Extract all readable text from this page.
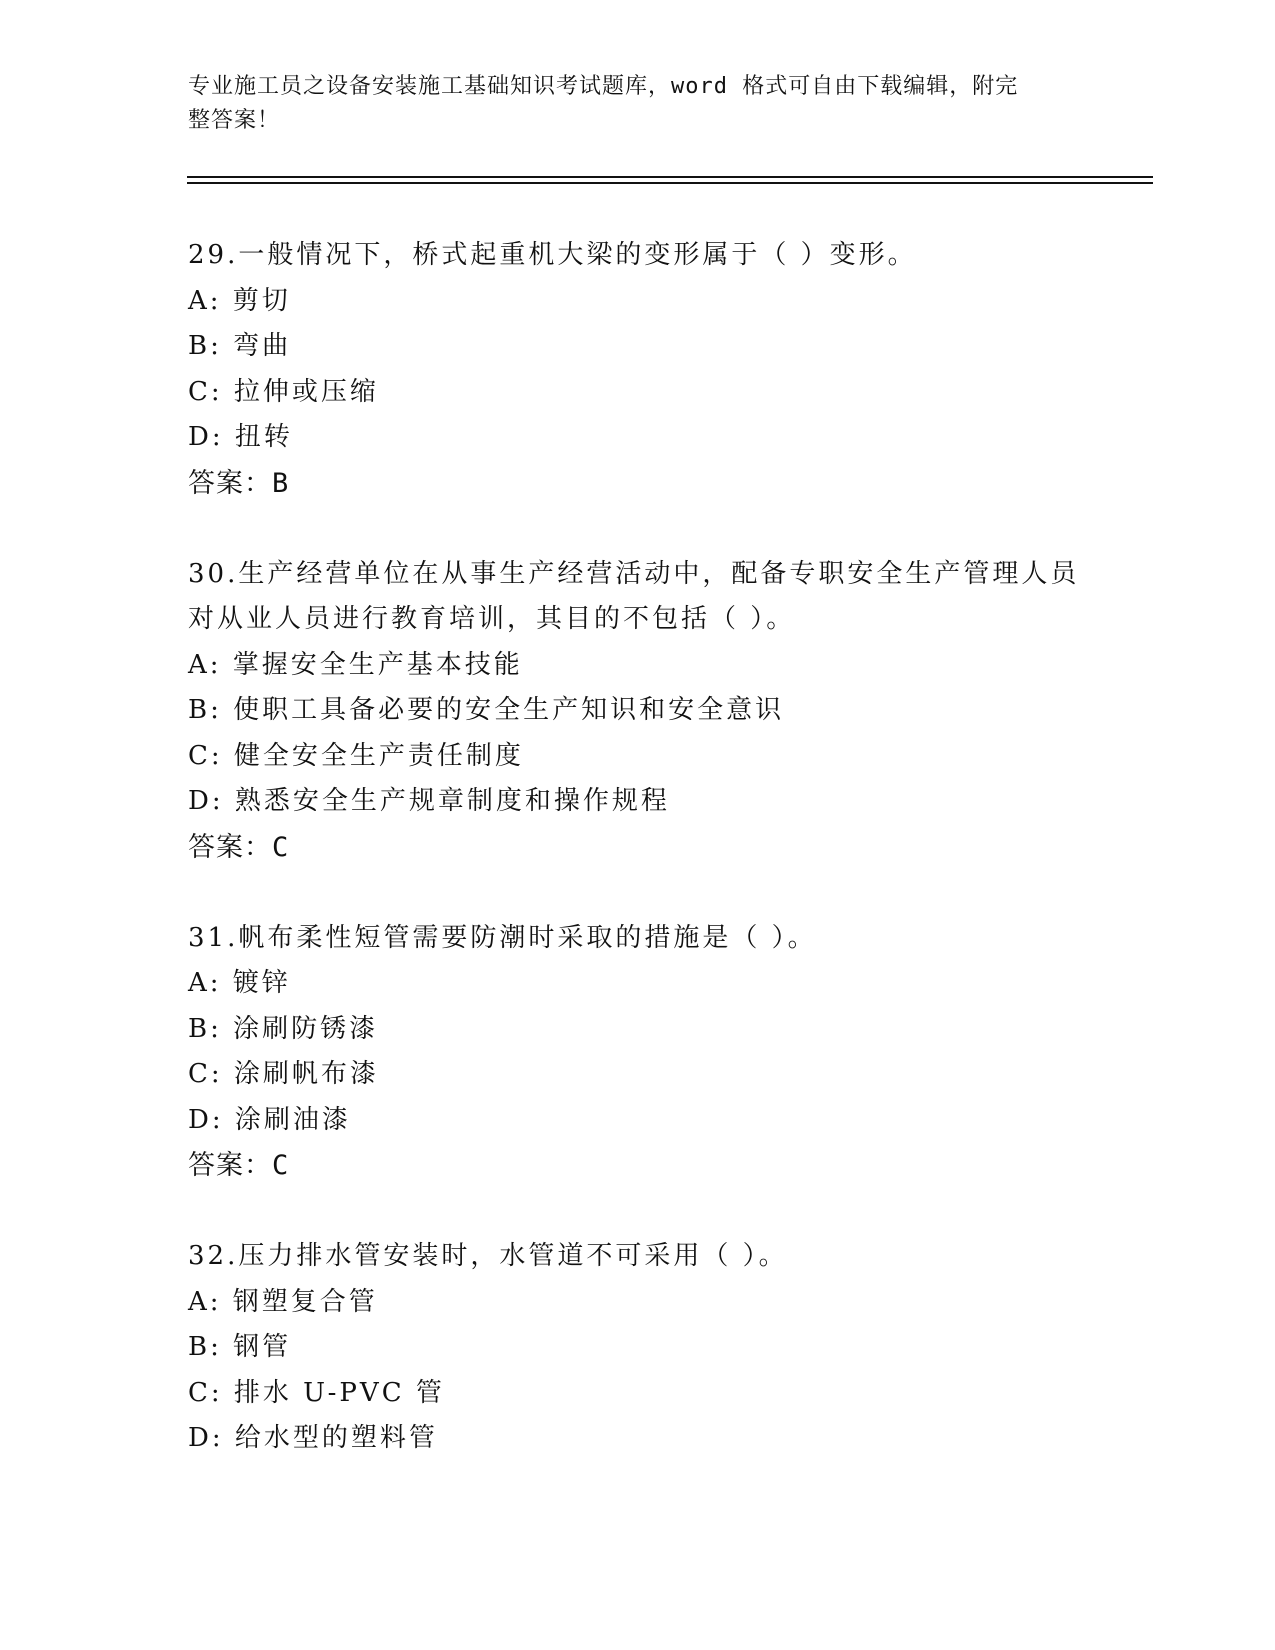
专业施工员之设备安装施工基础知识考试题库，word 格式可自由下载编辑，附完
整答案！
29.一般情况下，桥式起重机大梁的变形属于（ ）变形。
A: 剪切
B: 弯曲
C: 拉伸或压缩
D: 扭转
答案：B
30.生产经营单位在从事生产经营活动中，配备专职安全生产管理人员
对从业人员进行教育培训，其目的不包括（ ）。
A: 掌握安全生产基本技能
B: 使职工具备必要的安全生产知识和安全意识
C: 健全安全生产责任制度
D: 熟悉安全生产规章制度和操作规程
答案：C
31.帆布柔性短管需要防潮时采取的措施是（ ）。
A: 镀锌
B: 涂刷防锈漆
C: 涂刷帆布漆
D: 涂刷油漆
答案：C
32.压力排水管安装时，水管道不可采用（ ）。
A: 钢塑复合管
B: 钢管
C: 排水 U-PVC 管
D: 给水型的塑料管
